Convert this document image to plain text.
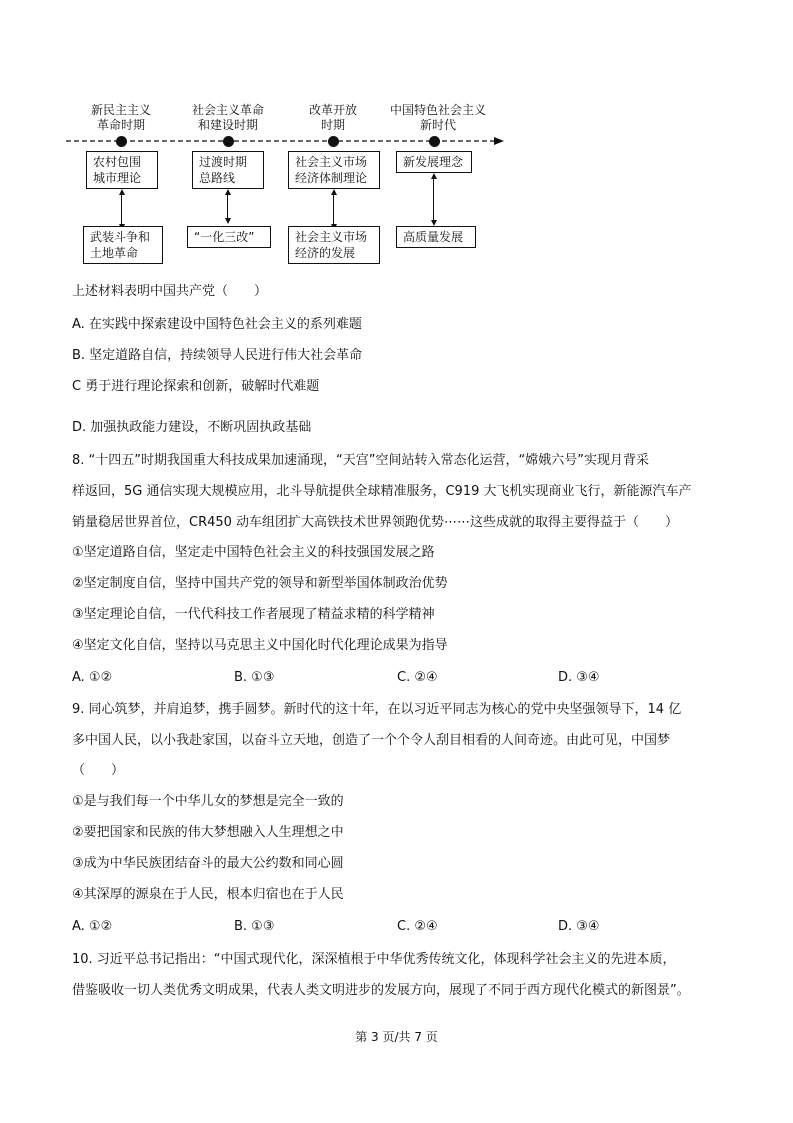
新民主主义
革命时期
社会主义革命
和建设时期
改革开放
时期
中国特色社会主义
新时代
农村包围
城市理论
过渡时期
总路线
社会主义市场
经济体制理论
新发展理念
武装斗争和
土地革命
“一化三改”	社会主义市场
经济的发展
高质量发展
上述材料表明中国共产党（　　）
A. 在实践中探索建设中国特色社会主义的系列难题
B. 坚定道路自信，持续领导人民进行伟大社会革命
C 勇于进行理论探索和创新，破解时代难题
D. 加强执政能力建设，不断巩固执政基础
8. “十四五”时期我国重大科技成果加速涌现，“天宫”空间站转入常态化运营，“嫦娥六号”实现月背采
样返回，5G 通信实现大规模应用，北斗导航提供全球精准服务，C919 大飞机实现商业飞行，新能源汽车产
销量稳居世界首位，CR450 动车组团扩大高铁技术世界领跑优势⋯⋯这些成就的取得主要得益于（　　）
①坚定道路自信，坚定走中国特色社会主义的科技强国发展之路
②坚定制度自信，坚持中国共产党的领导和新型举国体制政治优势
③坚定理论自信，一代代科技工作者展现了精益求精的科学精神
④坚定文化自信，坚持以马克思主义中国化时代化理论成果为指导
A. ①②	B. ①③	C. ②④	D. ③④
9. 同心筑梦，并肩追梦，携手圆梦。新时代的这十年，在以习近平同志为核心的党中央坚强领导下，14 亿
多中国人民，以小我赴家国，以奋斗立天地，创造了一个个令人刮目相看的人间奇迹。由此可见，中国梦
（　　）
①是与我们每一个中华儿女的梦想是完全一致的
②要把国家和民族的伟大梦想融入人生理想之中
③成为中华民族团结奋斗的最大公约数和同心圆
④其深厚的源泉在于人民，根本归宿也在于人民
A. ①②	B. ①③	C. ②④	D. ③④
10. 习近平总书记指出：“中国式现代化，深深植根于中华优秀传统文化，体现科学社会主义的先进本质，
借鉴吸收一切人类优秀文明成果，代表人类文明进步的发展方向，展现了不同于西方现代化模式的新图景”。
第 3 页/共 7 页
